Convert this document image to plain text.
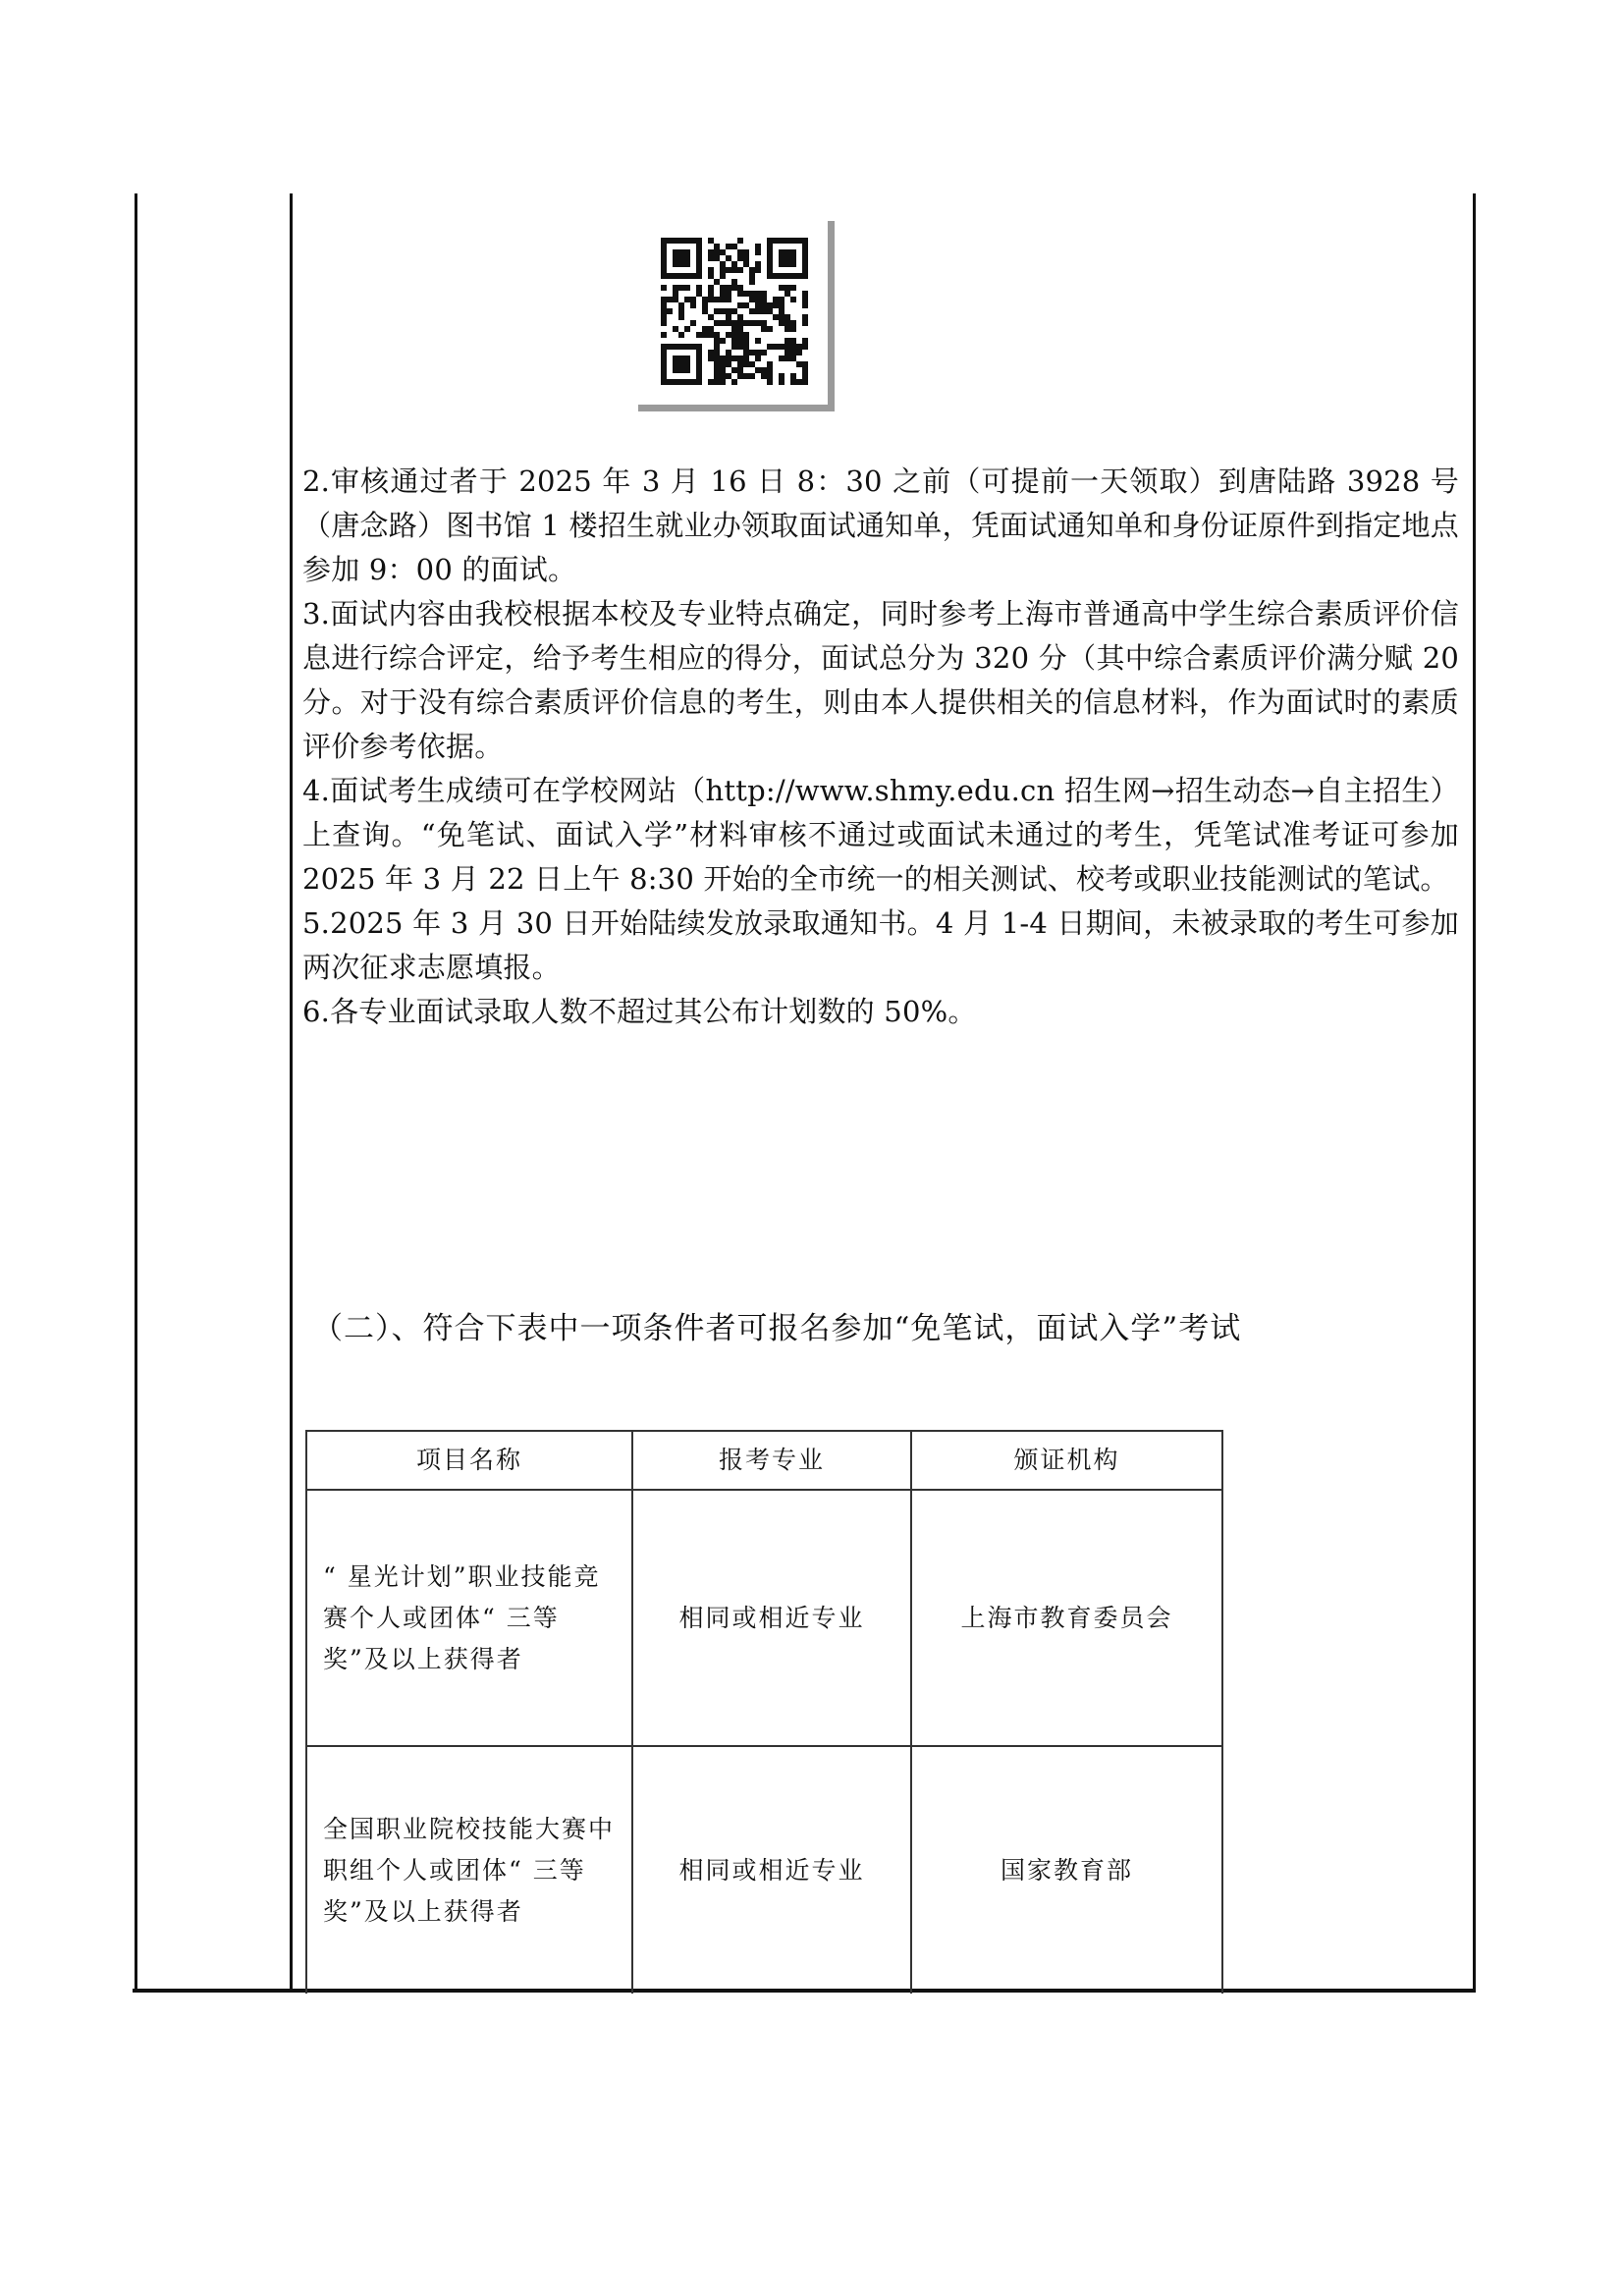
2.审核通过者于 2025 年 3 月 16 日 8：30 之前（可提前一天领取）到唐陆路 3928 号（唐念路）图书馆 1 楼招生就业办领取面试通知单，凭面试通知单和身份证原件到指定地点参加 9：00 的面试。

3.面试内容由我校根据本校及专业特点确定，同时参考上海市普通高中学生综合素质评价信息进行综合评定，给予考生相应的得分，面试总分为 320 分（其中综合素质评价满分赋 20 分。对于没有综合素质评价信息的考生，则由本人提供相关的信息材料，作为面试时的素质评价参考依据。

4.面试考生成绩可在学校网站（http://www.shmy.edu.cn 招生网→招生动态→自主招生）上查询。“免笔试、面试入学”材料审核不通过或面试未通过的考生，凭笔试准考证可参加 2025 年 3 月 22 日上午 8:30 开始的全市统一的相关测试、校考或职业技能测试的笔试。

5.2025 年 3 月 30 日开始陆续发放录取通知书。4 月 1-4 日期间，未被录取的考生可参加两次征求志愿填报。

6.各专业面试录取人数不超过其公布计划数的 50%。

（二）、符合下表中一项条件者可报名参加“免笔试，面试入学”考试
项目名称	报考专业	颁证机构
“ 星光计划”职业技能竞赛个人或团体“ 三等奖”及以上获得者	相同或相近专业	上海市教育委员会
全国职业院校技能大赛中职组个人或团体“ 三等奖”及以上获得者	相同或相近专业	国家教育部
